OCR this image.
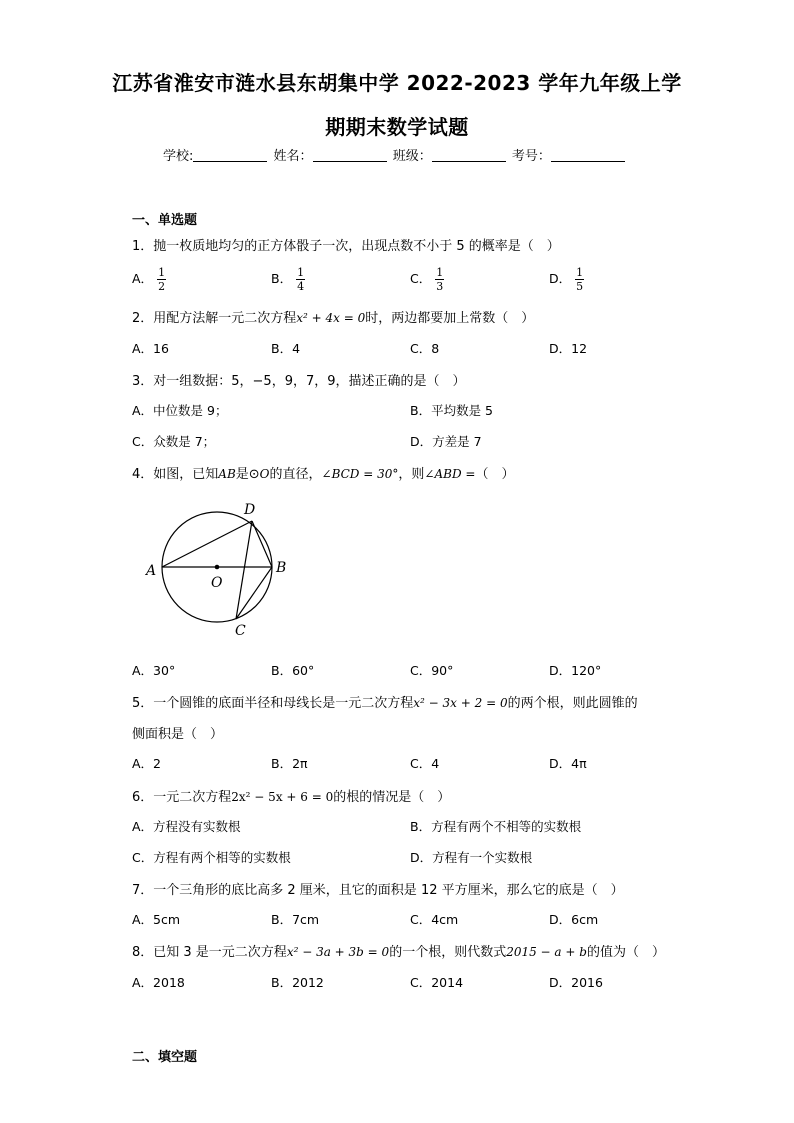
江苏省淮安市涟水县东胡集中学 2022-2023 学年九年级上学
期期末数学试题
学校:	姓名：	班级：	考号：
一、单选题
1．抛一枚质地均匀的正方体骰子一次，出现点数不小于 5 的概率是（　）
A． $\frac{1}{2}$	B． $\frac{1}{4}$	C． $\frac{1}{3}$	D． $\frac{1}{5}$
2．用配方法解一元二次方程x² + 4x = 0时，两边都要加上常数（　）
A．16	B．4	C．8	D．12
3．对一组数据：5，−5，9，7，9，描述正确的是（　）
A．中位数是 9；	B．平均数是 5
C．众数是 7；	D．方差是 7
4．如图，已知AB是⊙O的直径，∠BCD = 30°，则∠ABD =（　）
A	B
C
D
O
A．30°	B．60°	C．90°	D．120°
5．一个圆锥的底面半径和母线长是一元二次方程x² − 3x + 2 = 0的两个根，则此圆锥的
侧面积是（　）
A．2	B．2π	C．4	D．4π
6．一元二次方程2x² − 5x + 6 = 0的根的情况是（　）
A．方程没有实数根	B．方程有两个不相等的实数根
C．方程有两个相等的实数根	D．方程有一个实数根
7．一个三角形的底比高多 2 厘米，且它的面积是 12 平方厘米，那么它的底是（　）
A．5cm	B．7cm	C．4cm	D．6cm
8．已知 3 是一元二次方程x² − 3a + 3b = 0的一个根，则代数式2015 − a + b的值为（　）
A．2018	B．2012	C．2014	D．2016
二、填空题
